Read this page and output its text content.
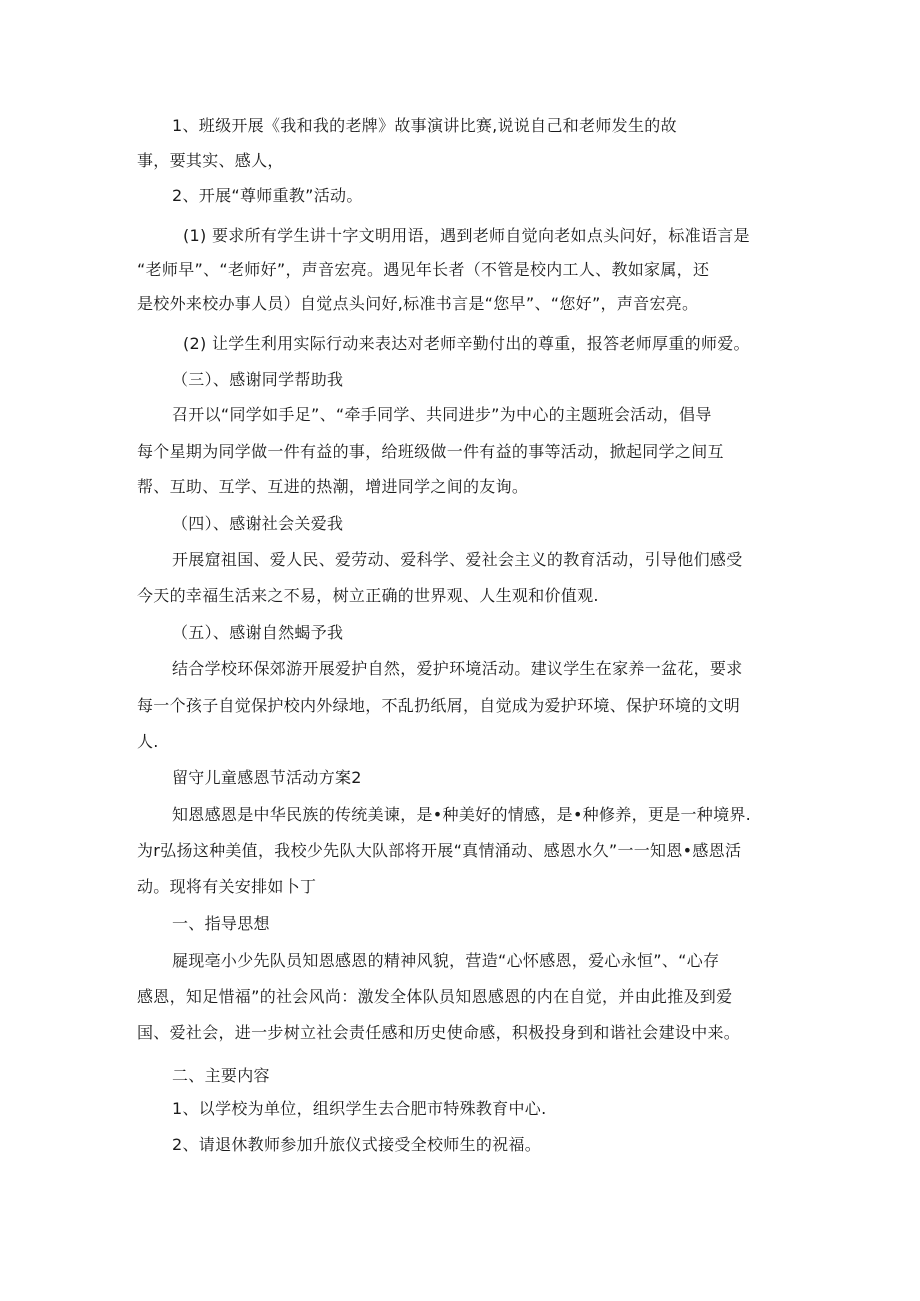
1、班级开展《我和我的老牌》故事演讲比赛,说说自己和老师发生的故
事，要其实、感人，
2、开展“尊师重教”活动。
(1) 要求所有学生讲十字文明用语，遇到老师自觉向老如点头问好，标准语言是
“老师早”、“老师好”，声音宏亮。遇见年长者（不管是校内工人、教如家属，还
是校外来校办事人员）自觉点头问好,标准书言是“您早”、“您好”，声音宏亮。
(2) 让学生利用实际行动来表达对老师辛勤付出的尊重，报答老师厚重的师爱。
（三）、感谢同学帮助我
召开以“同学如手足”、“牵手同学、共同进步”为中心的主题班会活动，倡导
每个星期为同学做一件有益的事，给班级做一件有益的事等活动，掀起同学之间互
帮、互助、互学、互进的热潮，增进同学之间的友询。
（四）、感谢社会关爱我
开展窟祖国、爱人民、爱劳动、爱科学、爱社会主义的教育活动，引导他们感受
今天的幸福生活来之不易，树立正确的世界观、人生观和价值观.
（五）、感谢自然蝎予我
结合学校环保郊游开展爱护自然，爱护环境活动。建议学生在家养一盆花，要求
每一个孩子自觉保护校内外绿地，不乱扔纸屑，自觉成为爱护环境、保护环境的文明
人.
留守儿童感恩节活动方案2
知恩感恩是中华民族的传统美谏，是•种美好的情感，是•种修养，更是一种境界.
为r弘扬这种美值，我校少先队大队部将开展“真情涌动、感恩水久”一一知恩•感恩活
动。现将有关安排如卜丁
一、指导思想
屣现亳小少先队员知恩感恩的精神风貌，营造“心怀感恩，爱心永恒”、“心存
感恩，知足惜福”的社会风尚：激发全体队员知恩感恩的内在自觉，并由此推及到爱
国、爱社会，进一步树立社会责任感和历史使命感，积极投身到和谐社会建设中来。
二、主要内容
1、以学校为单位，组织学生去合肥市特殊教育中心.
2、请退休教师参加升旅仪式接受全校师生的祝福。
